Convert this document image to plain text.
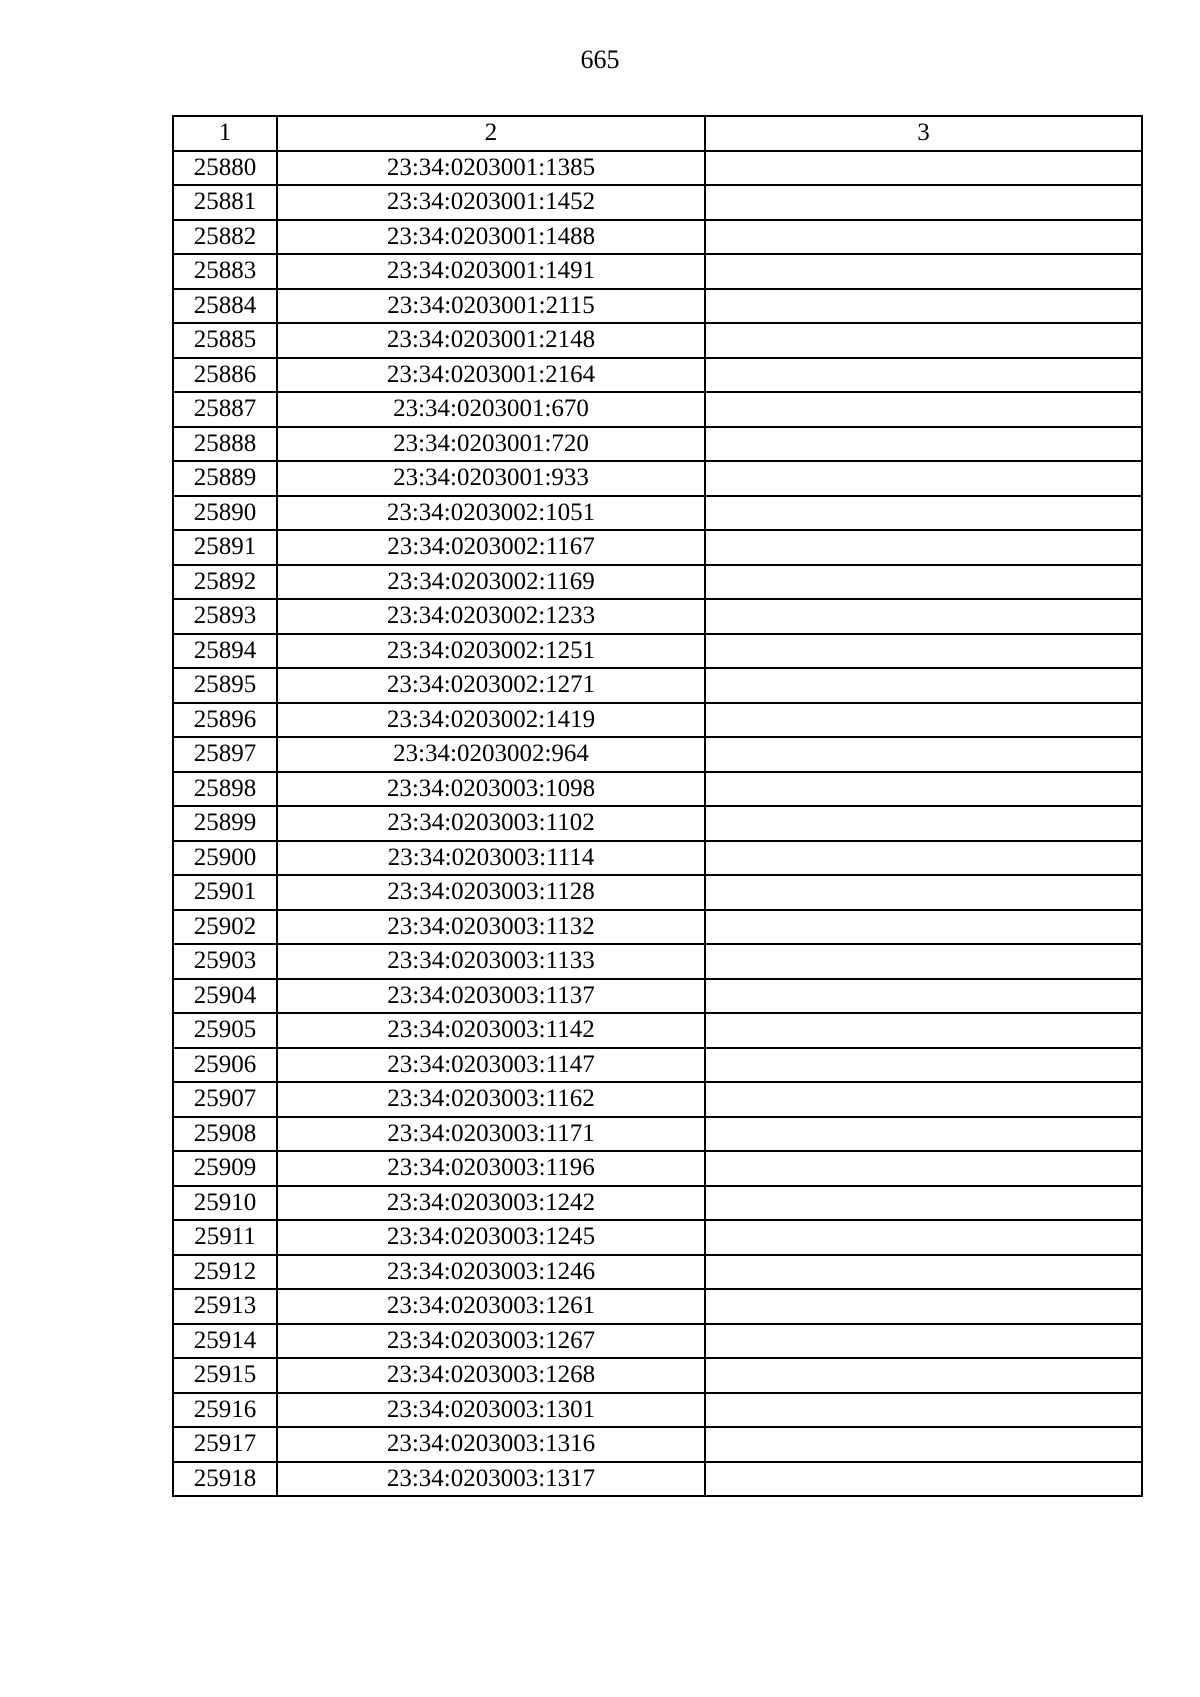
665
1	2	3
25880	23:34:0203001:1385	
25881	23:34:0203001:1452	
25882	23:34:0203001:1488	
25883	23:34:0203001:1491	
25884	23:34:0203001:2115	
25885	23:34:0203001:2148	
25886	23:34:0203001:2164	
25887	23:34:0203001:670	
25888	23:34:0203001:720	
25889	23:34:0203001:933	
25890	23:34:0203002:1051	
25891	23:34:0203002:1167	
25892	23:34:0203002:1169	
25893	23:34:0203002:1233	
25894	23:34:0203002:1251	
25895	23:34:0203002:1271	
25896	23:34:0203002:1419	
25897	23:34:0203002:964	
25898	23:34:0203003:1098	
25899	23:34:0203003:1102	
25900	23:34:0203003:1114	
25901	23:34:0203003:1128	
25902	23:34:0203003:1132	
25903	23:34:0203003:1133	
25904	23:34:0203003:1137	
25905	23:34:0203003:1142	
25906	23:34:0203003:1147	
25907	23:34:0203003:1162	
25908	23:34:0203003:1171	
25909	23:34:0203003:1196	
25910	23:34:0203003:1242	
25911	23:34:0203003:1245	
25912	23:34:0203003:1246	
25913	23:34:0203003:1261	
25914	23:34:0203003:1267	
25915	23:34:0203003:1268	
25916	23:34:0203003:1301	
25917	23:34:0203003:1316	
25918	23:34:0203003:1317	
